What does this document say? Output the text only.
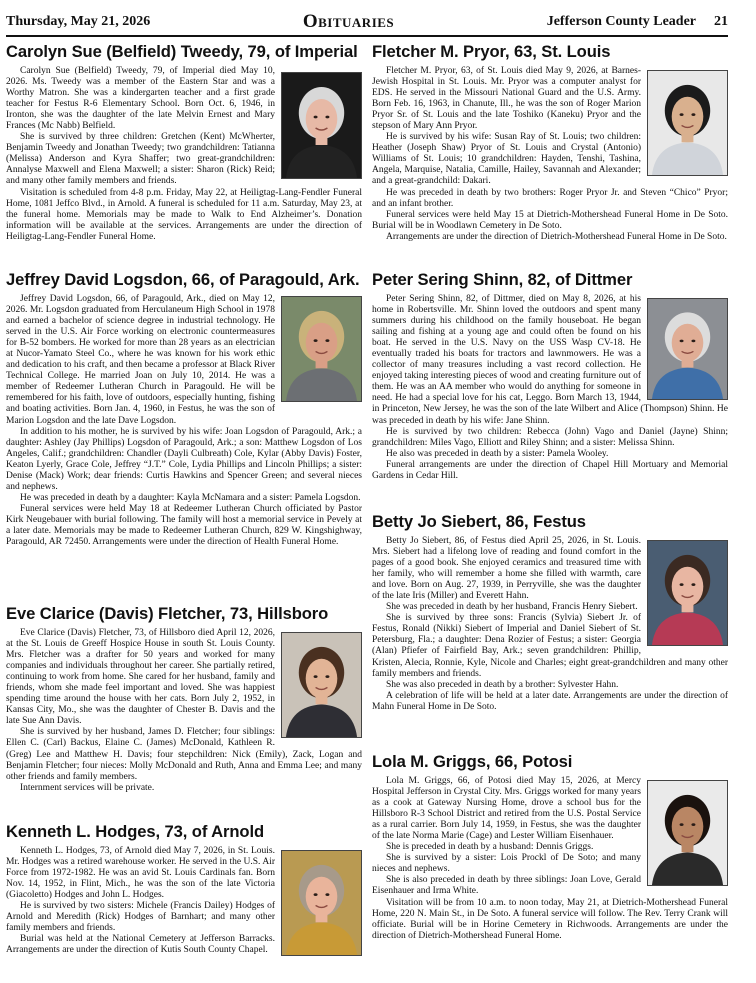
Thursday, May 21, 2026	Obituaries	Jefferson County Leader 21
Carolyn Sue (Belfield) Tweedy, 79, of Imperial

Carolyn Sue (Belfield) Tweedy, 79, of Imperial died May 10, 2026. Ms. Tweedy was a member of the Eastern Star and was a Worthy Matron. She was a kindergarten teacher and a first grade teacher for Festus R-6 Elementary School. Born Oct. 6, 1946, in Ironton, she was the daughter of the late Melvin Ernest and Mary Frances (Mc Nabb) Belfield.

She is survived by three children: Gretchen (Kent) McWherter, Benjamin Tweedy and Jonathan Tweedy; two grandchildren: Tatianna (Melissa) Anderson and Kyra Shaffer; two great-grandchildren: Annalyse Maxwell and Elena Maxwell; a sister: Sharon (Rick) Reid; and many other family members and friends.

Visitation is scheduled from 4-8 p.m. Friday, May 22, at Heiligtag-Lang-Fendler Funeral Home, 1081 Jeffco Blvd., in Arnold. A funeral is scheduled for 11 a.m. Saturday, May 23, at the funeral home. Memorials may be made to Walk to End Alzheimer’s. Donation information will be available at the services. Arrangements are under the direction of Heiligtag-Lang-Fendler Funeral Home.

Jeffrey David Logsdon, 66, of Paragould, Ark.

Jeffrey David Logsdon, 66, of Paragould, Ark., died on May 12, 2026. Mr. Logsdon graduated from Herculaneum High School in 1978 and earned a bachelor of science degree in industrial technology. He served in the U.S. Air Force working on electronic countermeasures for B-52 bombers. He worked for more than 28 years as an electrician at Nucor-Yamato Steel Co., where he was known for his work ethic and dedication to his craft, and then became a professor at Black River Technical College. He married Joan on July 10, 2014. He was a member of Redeemer Lutheran Church in Paragould. He will be remembered for his faith, love of outdoors, especially hunting, fishing and boating activities. Born Jan. 4, 1960, in Festus, he was the son of Marion Logsdon and the late Dave Logsdon.

In addition to his mother, he is survived by his wife: Joan Logsdon of Paragould, Ark.; a daughter: Ashley (Jay Phillips) Logsdon of Paragould, Ark.; a son: Matthew Logsdon of Los Angeles, Calif.; grandchildren: Chandler (Dayli Culbreath) Cole, Kylar (Abby Davis) Foster, Keaton Lyerly, Grace Cole, Jeffrey “J.T.” Cole, Lydia Phillips and Lincoln Phillips; a sister: Denise (Mack) Work; dear friends: Curtis Hawkins and Spencer Green; and several nieces and nephews.

He was preceded in death by a daughter: Kayla McNamara and a sister: Pamela Logsdon.

Funeral services were held May 18 at Redeemer Lutheran Church officiated by Pastor Kirk Neugebauer with burial following. The family will host a memorial service in Pevely at a later date. Memorials may be made to Redeemer Lutheran Church, 829 W. Kingshighway, Paragould, AR 72450. Arrangements were under the direction of Health Funeral Home.

Eve Clarice (Davis) Fletcher, 73, Hillsboro

Eve Clarice (Davis) Fletcher, 73, of Hillsboro died April 12, 2026, at the St. Louis de Greeff Hospice House in south St. Louis County. Mrs. Fletcher was a drafter for 50 years and worked for many companies and individuals throughout her career. She partially retired, continuing to work from home. She cared for her husband, family and friends, whom she made feel important and loved. She was happiest spending time around the house with her cats. Born July 2, 1952, in Kansas City, Mo., she was the daughter of Chester B. Davis and the late Sue Ann Davis.

She is survived by her husband, James D. Fletcher; four siblings: Ellen C. (Carl) Backus, Elaine C. (James) McDonald, Kathleen R. (Greg) Lee and Matthew H. Davis; four stepchildren: Nick (Emily), Zack, Logan and Benjamin Fletcher; four nieces: Molly McDonald and Ruth, Anna and Emma Lee; and many other friends and family members.

Internment services will be private.

Kenneth L. Hodges, 73, of Arnold

Kenneth L. Hodges, 73, of Arnold died May 7, 2026, in St. Louis. Mr. Hodges was a retired warehouse worker. He served in the U.S. Air Force from 1972-1982. He was an avid St. Louis Cardinals fan. Born Nov. 14, 1952, in Flint, Mich., he was the son of the late Victoria (Giacoletto) Hodges and John L. Hodges.

He is survived by two sisters: Michele (Francis Dailey) Hodges of Arnold and Meredith (Rick) Hodges of Barnhart; and many other family members and friends.

Burial was held at the National Cemetery at Jefferson Barracks. Arrangements are under the direction of Kutis South County Chapel.

Fletcher M. Pryor, 63, St. Louis

Fletcher M. Pryor, 63, of St. Louis died May 9, 2026, at Barnes-Jewish Hospital in St. Louis. Mr. Pryor was a computer analyst for EDS. He served in the Missouri National Guard and the U.S. Army. Born Feb. 16, 1963, in Chanute, Ill., he was the son of Roger Marion Pryor Sr. of St. Louis and the late Toshiko (Kaneku) Pryor and the stepson of Mary Ann Pryor.

He is survived by his wife: Susan Ray of St. Louis; two children: Heather (Joseph Shaw) Pryor of St. Louis and Crystal (Antonio) Williams of St. Louis; 10 grandchildren: Hayden, Tenshi, Tashina, Angela, Marquise, Natalia, Camille, Hailey, Savannah and Alexander; and a great-grandchild: Dakari.

He was preceded in death by two brothers: Roger Pryor Jr. and Steven “Chico” Pryor; and an infant brother.

Funeral services were held May 15 at Dietrich-Mothershead Funeral Home in De Soto. Burial will be in Woodlawn Cemetery in De Soto.

Arrangements are under the direction of Dietrich-Mothershead Funeral Home in De Soto.

Peter Sering Shinn, 82, of Dittmer

Peter Sering Shinn, 82, of Dittmer, died on May 8, 2026, at his home in Robertsville. Mr. Shinn loved the outdoors and spent many summers during his childhood on the family houseboat. He began sailing and fishing at a young age and could often be found on his boat. He served in the U.S. Navy on the USS Wasp CV-18. He eventually traded his boats for tractors and lawnmowers. He was a collector of many treasures including a vast record collection. He enjoyed taking interesting pieces of wood and creating furniture out of them. He was an AA member who would do anything for someone in need. He had a special love for his cat, Leggo. Born March 13, 1944, in Princeton, New Jersey, he was the son of the late Wilbert and Alice (Thompson) Shinn. He was preceded in death by his wife: Jane Shinn.

He is survived by two children: Rebecca (John) Vago and Daniel (Jayne) Shinn; grandchildren: Miles Vago, Elliott and Riley Shinn; and a sister: Melissa Shinn.

He also was preceded in death by a sister: Pamela Wooley.

Funeral arrangements are under the direction of Chapel Hill Mortuary and Memorial Gardens in Cedar Hill.

Betty Jo Siebert, 86, Festus

Betty Jo Siebert, 86, of Festus died April 25, 2026, in St. Louis. Mrs. Siebert had a lifelong love of reading and found comfort in the pages of a good book. She enjoyed ceramics and treasured time with her family, who will remember a home she filled with warmth, care and love. Born on Aug. 27, 1939, in Perryville, she was the daughter of the late Iris (Miller) and Everett Hahn.

She was preceded in death by her husband, Francis Henry Siebert.

She is survived by three sons: Francis (Sylvia) Siebert Jr. of Festus, Ronald (Nikki) Siebert of Imperial and Daniel Siebert of St. Petersburg, Fla.; a daughter: Dena Rozier of Festus; a sister: Georgia (Alan) Pfiefer of Fairfield Bay, Ark.; seven grandchildren: Phillip, Kristen, Alecia, Ronnie, Kyle, Nicole and Charles; eight great-grandchildren and many other family members and friends.

She was also preceded in death by a brother: Sylvester Hahn.

A celebration of life will be held at a later date. Arrangements are under the direction of Mahn Funeral Home in De Soto.

Lola M. Griggs, 66, Potosi

Lola M. Griggs, 66, of Potosi died May 15, 2026, at Mercy Hospital Jefferson in Crystal City. Mrs. Griggs worked for many years as a cook at Gateway Nursing Home, drove a school bus for the Hillsboro R-3 School District and retired from the U.S. Postal Service as a rural carrier. Born July 14, 1959, in Festus, she was the daughter of the late Norma Marie (Cage) and Lester William Eisenhauer.

She is preceded in death by a husband: Dennis Griggs.

She is survived by a sister: Lois Prockl of De Soto; and many nieces and nephews.

She is also preceded in death by three siblings: Joan Love, Gerald Eisenhauer and Irma White.

Visitation will be from 10 a.m. to noon today, May 21, at Dietrich-Mothershead Funeral Home, 220 N. Main St., in De Soto. A funeral service will follow. The Rev. Terry Crank will officiate. Burial will be in Horine Cemetery in Richwoods. Arrangements are under the direction of Dietrich-Mothershead Funeral Home.
